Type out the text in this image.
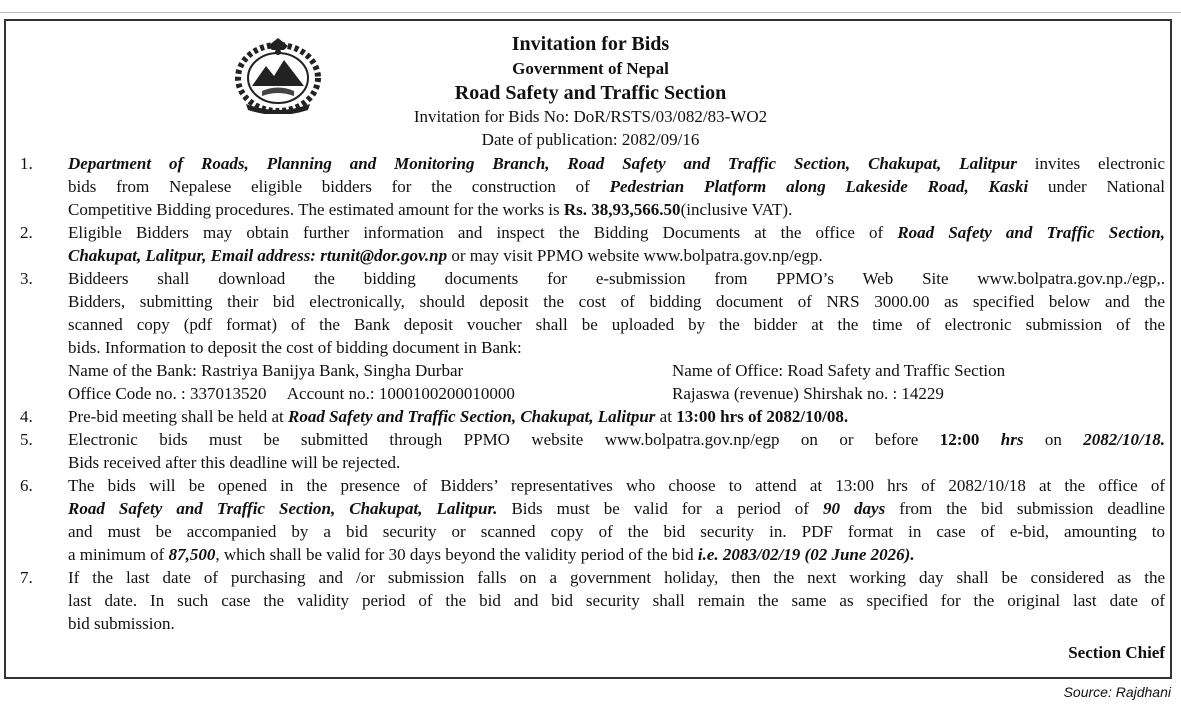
Invitation for Bids
Government of Nepal
Road Safety and Traffic Section
Invitation for Bids No: DoR/RSTS/03/082/83-WO2
Date of publication: 2082/09/16
1. Department of Roads, Planning and Monitoring Branch, Road Safety and Traffic Section, Chakupat, Lalitpur invites electronic
bids from Nepalese eligible bidders for the construction of Pedestrian Platform along Lakeside Road, Kaski under National
Competitive Bidding procedures. The estimated amount for the works is Rs. 38,93,566.50(inclusive VAT).
2. Eligible Bidders may obtain further information and inspect the Bidding Documents at the office of Road Safety and Traffic Section,
Chakupat, Lalitpur, Email address: rtunit@dor.gov.np or may visit PPMO website www.bolpatra.gov.np/egp.
3. Biddeers shall download the bidding documents for e-submission from PPMO’s Web Site www.bolpatra.gov.np./egp,.
Bidders, submitting their bid electronically, should deposit the cost of bidding document of NRS 3000.00 as specified below and the
scanned copy (pdf format) of the Bank deposit voucher shall be uploaded by the bidder at the time of electronic submission of the
bids. Information to deposit the cost of bidding document in Bank:
Name of the Bank: Rastriya Banijya Bank, Singha Durbar	Name of Office: Road Safety and Traffic Section
Office Code no. : 337013520     Account no.: 1000100200010000	Rajaswa (revenue) Shirshak no. : 14229
4. Pre-bid meeting shall be held at Road Safety and Traffic Section, Chakupat, Lalitpur at 13:00 hrs of 2082/10/08.
5. Electronic bids must be submitted through PPMO website www.bolpatra.gov.np/egp on or before 12:00 hrs on 2082/10/18.
Bids received after this deadline will be rejected.
6. The bids will be opened in the presence of Bidders’ representatives who choose to attend at 13:00 hrs of 2082/10/18 at the office of
Road Safety and Traffic Section, Chakupat, Lalitpur. Bids must be valid for a period of 90 days from the bid submission deadline
and must be accompanied by a bid security or scanned copy of the bid security in. PDF format in case of e-bid, amounting to
a minimum of 87,500, which shall be valid for 30 days beyond the validity period of the bid i.e. 2083/02/19 (02 June 2026).
7. If the last date of purchasing and /or submission falls on a government holiday, then the next working day shall be considered as the
last date. In such case the validity period of the bid and bid security shall remain the same as specified for the original last date of
bid submission.
Section Chief
Source: Rajdhani
